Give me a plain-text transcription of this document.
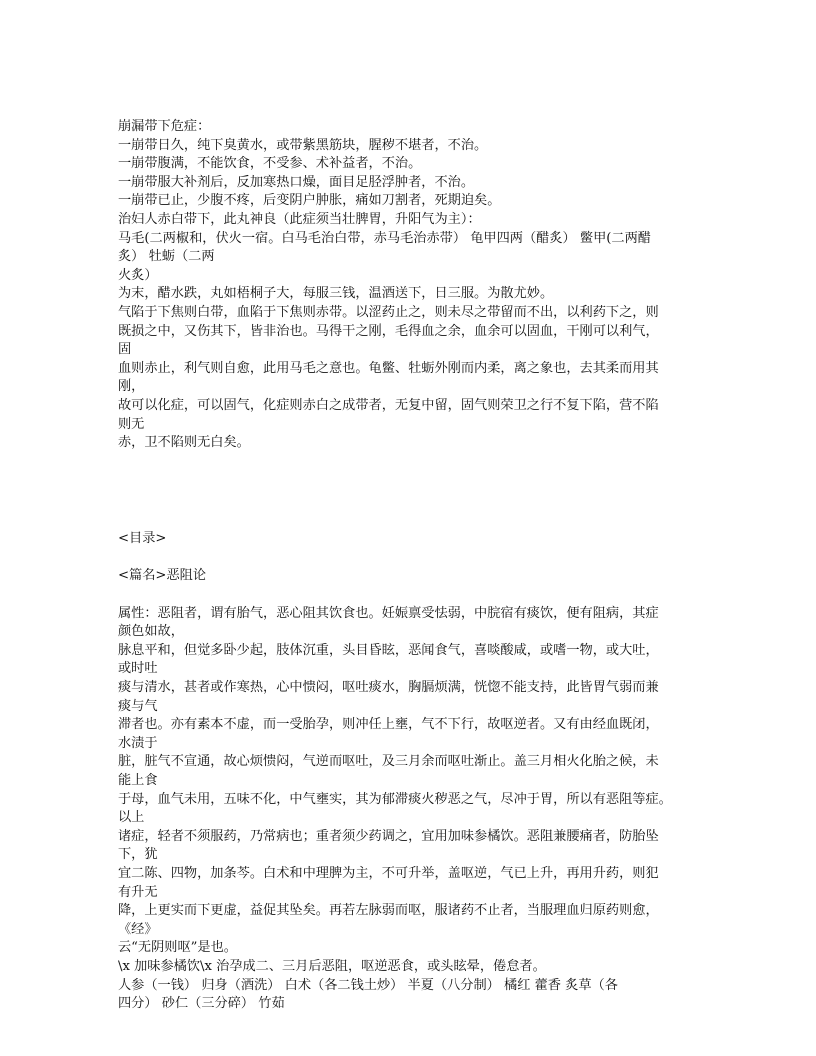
崩漏带下危症：
一崩带日久，纯下臭黄水，或带紫黑筋块，腥秽不堪者，不治。
一崩带腹满，不能饮食，不受参、术补益者，不治。
一崩带服大补剂后，反加寒热口燥，面目足胫浮肿者，不治。
一崩带已止，少腹不疼，后变阴户肿胀，痛如刀割者，死期迫矣。
治妇人赤白带下，此丸神良（此症须当壮脾胃，升阳气为主）：
马毛(二两椒和，伏火一宿。白马毛治白带，赤马毛治赤带） 龟甲四两（醋炙） 鳖甲(二两醋
炙） 牡蛎（二两
火炙）
为末，醋水跌，丸如梧桐子大，每服三钱，温酒送下，日三服。为散尤妙。
气陷于下焦则白带，血陷于下焦则赤带。以涩药止之，则未尽之带留而不出，以利药下之，则
既损之中，又伤其下，皆非治也。马得干之刚，毛得血之余，血余可以固血，干刚可以利气，
固
血则赤止，利气则自愈，此用马毛之意也。龟鳖、牡蛎外刚而内柔，离之象也，去其柔而用其
刚，
故可以化症，可以固气，化症则赤白之成带者，无复中留，固气则荣卫之行不复下陷，营不陷
则无
赤，卫不陷则无白矣。
<目录>
<篇名>恶阻论
属性：恶阻者，谓有胎气，恶心阻其饮食也。妊娠禀受怯弱，中脘宿有痰饮，便有阻病，其症
颜色如故，
脉息平和，但觉多卧少起，肢体沉重，头目昏眩，恶闻食气，喜啖酸咸，或嗜一物，或大吐，
或时吐
痰与清水，甚者或作寒热，心中愦闷，呕吐痰水，胸膈烦满，恍惚不能支持，此皆胃气弱而兼
痰与气
滞者也。亦有素本不虚，而一受胎孕，则冲任上壅，气不下行，故呕逆者。又有由经血既闭，
水渍于
脏，脏气不宣通，故心烦愦闷，气逆而呕吐，及三月余而呕吐渐止。盖三月相火化胎之候，未
能上食
于母，血气未用，五味不化，中气壅实，其为郁滞痰火秽恶之气，尽冲于胃，所以有恶阻等症。
以上
诸症，轻者不须服药，乃常病也；重者须少药调之，宜用加味参橘饮。恶阻兼腰痛者，防胎坠
下，犹
宜二陈、四物，加条芩。白术和中理脾为主，不可升举，盖呕逆，气已上升，再用升药，则犯
有升无
降，上更实而下更虚，益促其坠矣。再若左脉弱而呕，服诸药不止者，当服理血归原药则愈，
《经》
云“无阴则呕”是也。
\x 加味参橘饮\x 治孕成二、三月后恶阻，呕逆恶食，或头眩晕，倦怠者。
人参（一钱） 归身（酒洗） 白术（各二钱土炒） 半夏（八分制） 橘红 藿香 炙草（各
四分） 砂仁（三分碎） 竹茹
